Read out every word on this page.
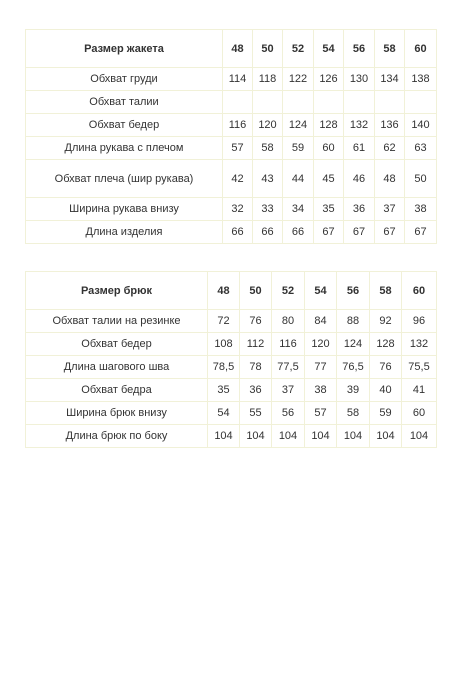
Размер жакета	48	50	52	54	56	58	60
Обхват груди	114	118	122	126	130	134	138
Обхват талии							
Обхват бедер	116	120	124	128	132	136	140
Длина рукава с плечом	57	58	59	60	61	62	63
Обхват плеча (шир рукава)	42	43	44	45	46	48	50
Ширина рукава внизу	32	33	34	35	36	37	38
Длина изделия	66	66	66	67	67	67	67
Размер брюк	48	50	52	54	56	58	60
Обхват талии на резинке	72	76	80	84	88	92	96
Обхват бедер	108	112	116	120	124	128	132
Длина шагового шва	78,5	78	77,5	77	76,5	76	75,5
Обхват бедра	35	36	37	38	39	40	41
Ширина брюк внизу	54	55	56	57	58	59	60
Длина брюк по боку	104	104	104	104	104	104	104
